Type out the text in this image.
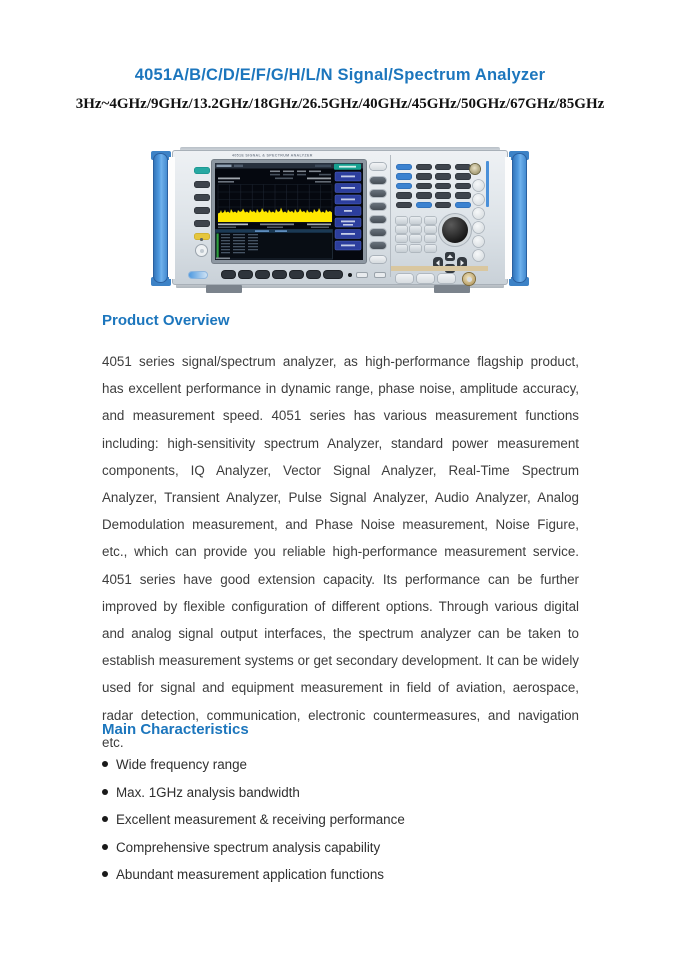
4051A/B/C/D/E/F/G/H/L/N Signal/Spectrum Analyzer
3Hz~4GHz/9GHz/13.2GHz/18GHz/26.5GHz/40GHz/45GHz/50GHz/67GHz/85GHz
4051E SIGNAL & SPECTRUM ANALYZER
Product Overview
4051 series signal/spectrum analyzer, as high-performance flagship product, has excellent performance in dynamic range, phase noise, amplitude accuracy, and measurement speed. 4051 series has various measurement functions including: high-sensitivity spectrum Analyzer, standard power measurement components, IQ Analyzer, Vector Signal Analyzer, Real-Time Spectrum Analyzer, Transient Analyzer, Pulse Signal Analyzer, Audio Analyzer, Analog Demodulation measurement, and Phase Noise measurement, Noise Figure, etc., which can provide you reliable high-performance measurement service. 4051 series have good extension capacity. Its performance can be further improved by flexible configuration of different options. Through various digital and analog signal output interfaces, the spectrum analyzer can be taken to establish measurement systems or get secondary development. It can be widely used for signal and equipment measurement in field of aviation, aerospace, radar detection, communication, electronic countermeasures, and navigation etc.
Main Characteristics
Wide frequency range
Max. 1GHz analysis bandwidth
Excellent measurement & receiving performance
Comprehensive spectrum analysis capability
Abundant measurement application functions
